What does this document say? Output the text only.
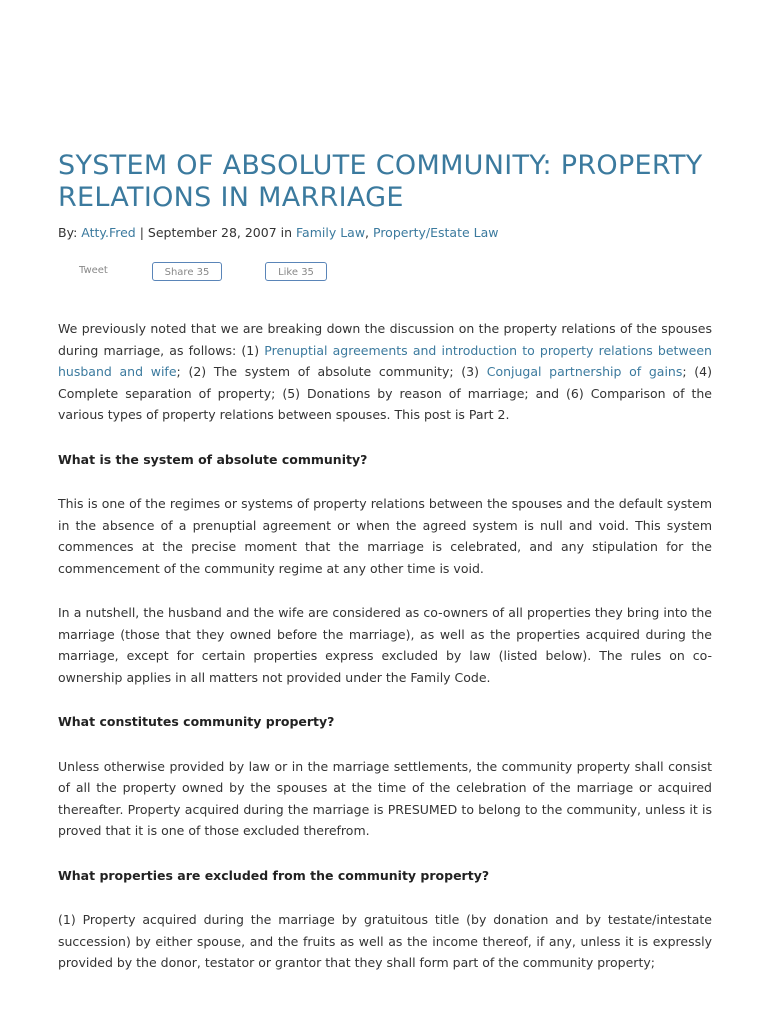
SYSTEM OF ABSOLUTE COMMUNITY: PROPERTY RELATIONS IN MARRIAGE
By: Atty.Fred | September 28, 2007 in Family Law, Property/Estate Law
Tweet	Share 35	Like 35

We previously noted that we are breaking down the discussion on the property relations of the spouses during marriage, as follows: (1) Prenuptial agreements and introduction to property relations between husband and wife; (2) The system of absolute community; (3) Conjugal partnership of gains; (4) Complete separation of property; (5) Donations by reason of marriage; and (6) Comparison of the various types of property relations between spouses. This post is Part 2.

What is the system of absolute community?

This is one of the regimes or systems of property relations between the spouses and the default system in the absence of a prenuptial agreement or when the agreed system is null and void. This system commences at the precise moment that the marriage is celebrated, and any stipulation for the commencement of the community regime at any other time is void.

In a nutshell, the husband and the wife are considered as co-owners of all properties they bring into the marriage (those that they owned before the marriage), as well as the properties acquired during the marriage, except for certain properties express excluded by law (listed below). The rules on co-ownership applies in all matters not provided under the Family Code.

What constitutes community property?

Unless otherwise provided by law or in the marriage settlements, the community property shall consist of all the property owned by the spouses at the time of the celebration of the marriage or acquired thereafter. Property acquired during the marriage is PRESUMED to belong to the community, unless it is proved that it is one of those excluded therefrom.

What properties are excluded from the community property?

(1) Property acquired during the marriage by gratuitous title (by donation and by testate/intestate succession) by either spouse, and the fruits as well as the income thereof, if any, unless it is expressly provided by the donor, testator or grantor that they shall form part of the community property;
